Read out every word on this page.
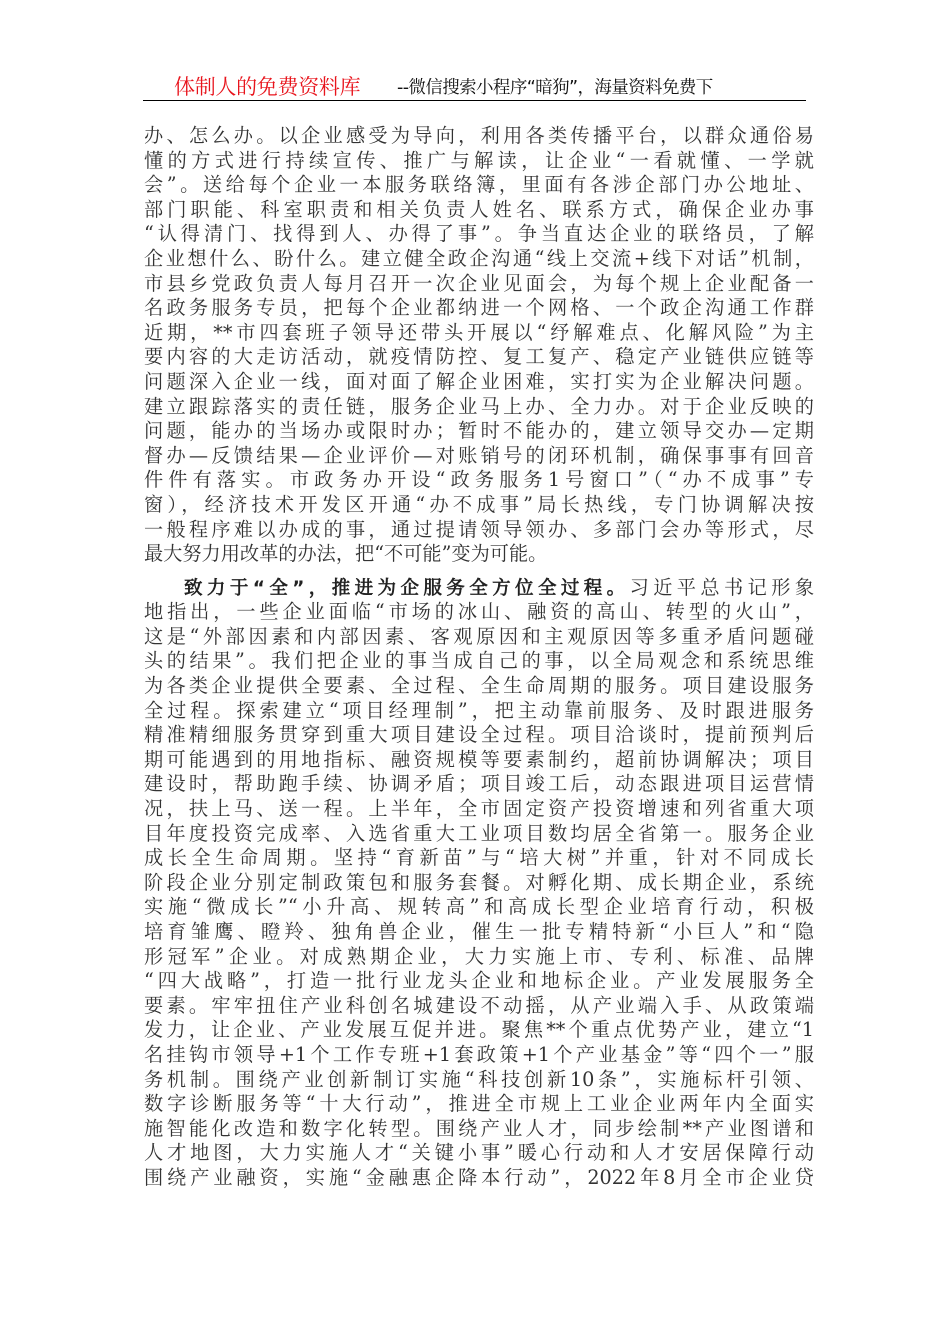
体制人的免费资料库 --微信搜索小程序“暗狗”，海量资料免费下
办、怎么办。以企业感受为导向，利用各类传播平台，以群众通俗易
懂的方式进行持续宣传、推广与解读，让企业“一看就懂、一学就
会”。送给每个企业一本服务联络簿，里面有各涉企部门办公地址、
部门职能、科室职责和相关负责人姓名、联系方式，确保企业办事
“认得清门、找得到人、办得了事”。争当直达企业的联络员，了解
企业想什么、盼什么。建立健全政企沟通“线上交流+线下对话”机制，
市县乡党政负责人每月召开一次企业见面会，为每个规上企业配备一
名政务服务专员，把每个企业都纳进一个网格、一个政企沟通工作群
近期，**市四套班子领导还带头开展以“纾解难点、化解风险”为主
要内容的大走访活动，就疫情防控、复工复产、稳定产业链供应链等
问题深入企业一线，面对面了解企业困难，实打实为企业解决问题。
建立跟踪落实的责任链，服务企业马上办、全力办。对于企业反映的
问题，能办的当场办或限时办；暂时不能办的，建立领导交办—定期
督办—反馈结果—企业评价—对账销号的闭环机制，确保事事有回音
件件有落实。市政务办开设“政务服务1号窗口”（“办不成事”专
窗），经济技术开发区开通“办不成事”局长热线，专门协调解决按
一般程序难以办成的事，通过提请领导领办、多部门会办等形式，尽
最大努力用改革的办法，把“不可能”变为可能。
致力于“全”，推进为企服务全方位全过程。习近平总书记形象
地指出，一些企业面临“市场的冰山、融资的高山、转型的火山”，
这是“外部因素和内部因素、客观原因和主观原因等多重矛盾问题碰
头的结果”。我们把企业的事当成自己的事，以全局观念和系统思维
为各类企业提供全要素、全过程、全生命周期的服务。项目建设服务
全过程。探索建立“项目经理制”，把主动靠前服务、及时跟进服务
精准精细服务贯穿到重大项目建设全过程。项目洽谈时，提前预判后
期可能遇到的用地指标、融资规模等要素制约，超前协调解决；项目
建设时，帮助跑手续、协调矛盾；项目竣工后，动态跟进项目运营情
况，扶上马、送一程。上半年，全市固定资产投资增速和列省重大项
目年度投资完成率、入选省重大工业项目数均居全省第一。服务企业
成长全生命周期。坚持“育新苗”与“培大树”并重，针对不同成长
阶段企业分别定制政策包和服务套餐。对孵化期、成长期企业，系统
实施“微成长”“小升高、规转高”和高成长型企业培育行动，积极
培育雏鹰、瞪羚、独角兽企业，催生一批专精特新“小巨人”和“隐
形冠军”企业。对成熟期企业，大力实施上市、专利、标准、品牌
“四大战略”，打造一批行业龙头企业和地标企业。产业发展服务全
要素。牢牢扭住产业科创名城建设不动摇，从产业端入手、从政策端
发力，让企业、产业发展互促并进。聚焦**个重点优势产业，建立“1
名挂钩市领导+1个工作专班+1套政策+1个产业基金”等“四个一”服
务机制。围绕产业创新制订实施“科技创新10条”，实施标杆引领、
数字诊断服务等“十大行动”，推进全市规上工业企业两年内全面实
施智能化改造和数字化转型。围绕产业人才，同步绘制**产业图谱和
人才地图，大力实施人才“关键小事”暖心行动和人才安居保障行动
围绕产业融资，实施“金融惠企降本行动”，2022年8月全市企业贷
